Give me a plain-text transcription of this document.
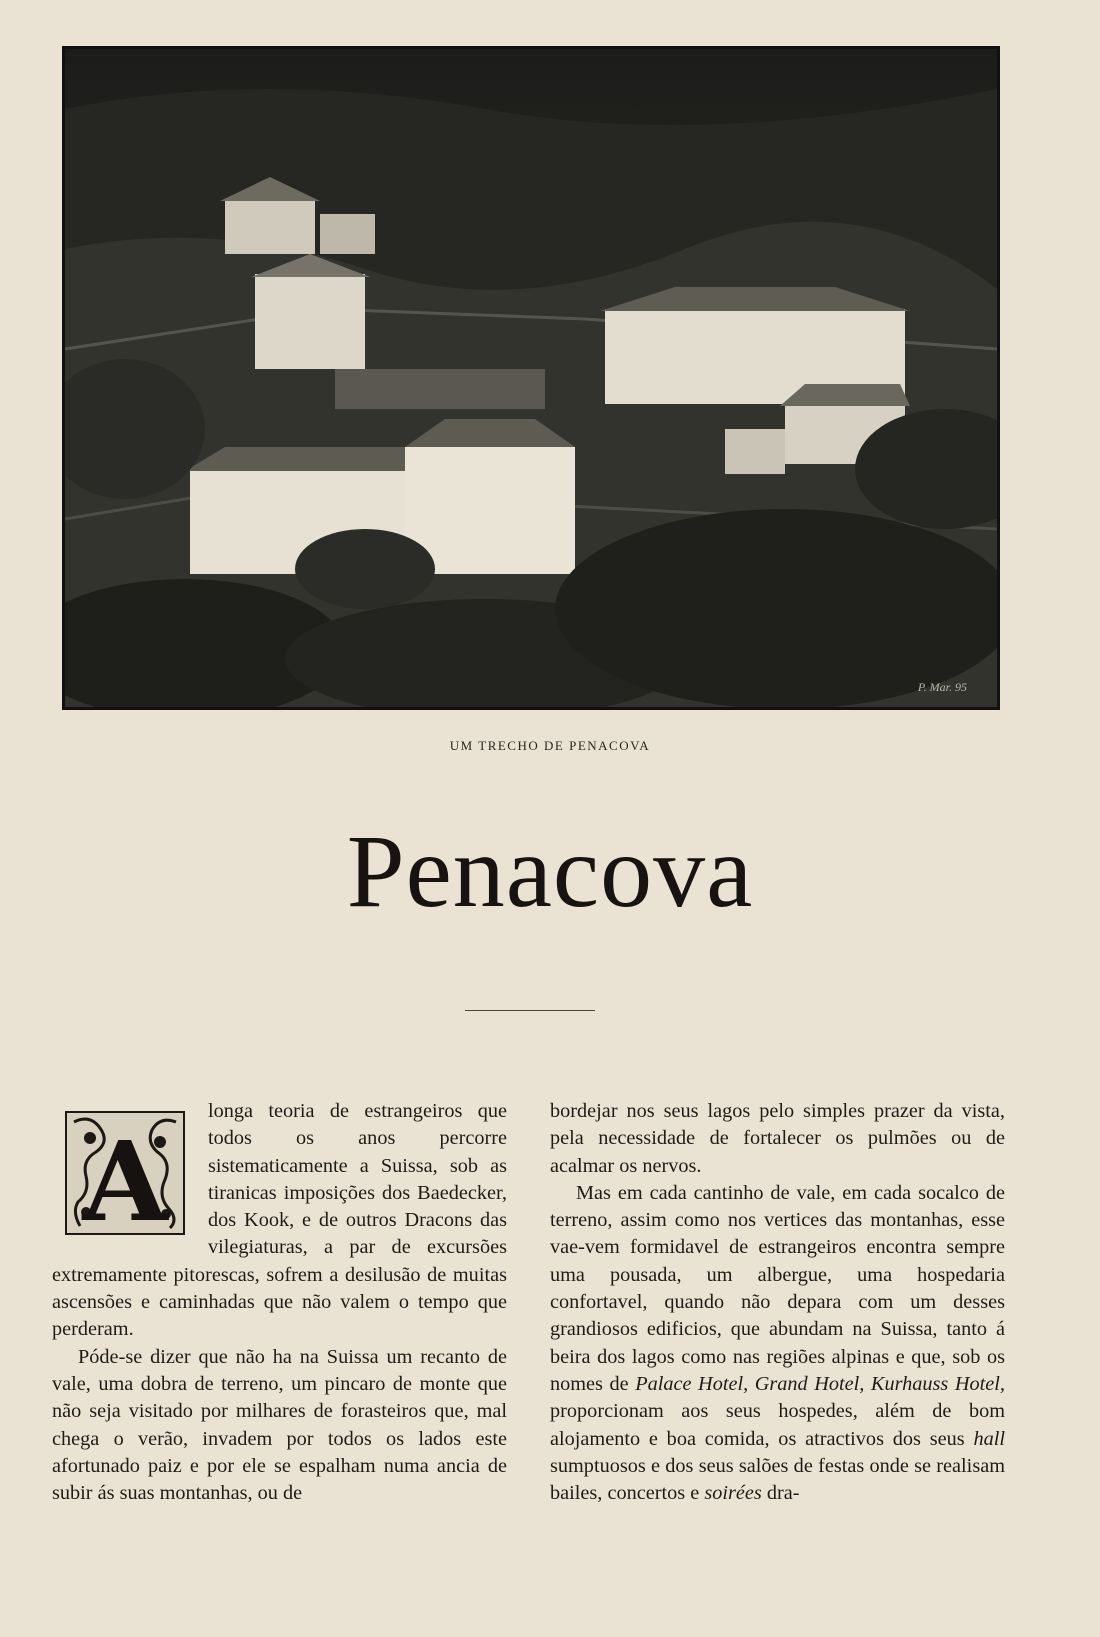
P. Mar. 95
UM TRECHO DE PENACOVA
Penacova

A
longa teoria de estrangeiros que todos os anos percorre sistematicamente a Suissa, sob as tiranicas imposições dos Baedecker, dos Kook, e de outros Dracons das vilegiaturas, a par de excursões extremamente pitorescas, sofrem a desilusão de muitas ascensões e caminhadas que não valem o tempo que perderam.

Póde-se dizer que não ha na Suissa um recanto de vale, uma dobra de terreno, um pincaro de monte que não seja visitado por milhares de forasteiros que, mal chega o verão, invadem por todos os lados este afortunado paiz e por ele se espalham numa ancia de subir ás suas montanhas, ou de

bordejar nos seus lagos pelo simples prazer da vista, pela necessidade de fortalecer os pulmões ou de acalmar os nervos.

Mas em cada cantinho de vale, em cada socalco de terreno, assim como nos vertices das montanhas, esse vae-vem formidavel de estrangeiros encontra sempre uma pousada, um albergue, uma hospedaria confortavel, quando não depara com um desses grandiosos edificios, que abundam na Suissa, tanto á beira dos lagos como nas regiões alpinas e que, sob os nomes de Palace Hotel, Grand Hotel, Kurhauss Hotel, proporcionam aos seus hospedes, além de bom alojamento e boa comida, os atractivos dos seus hall sumptuosos e dos seus salões de festas onde se realisam bailes, concertos e soirées dra-
